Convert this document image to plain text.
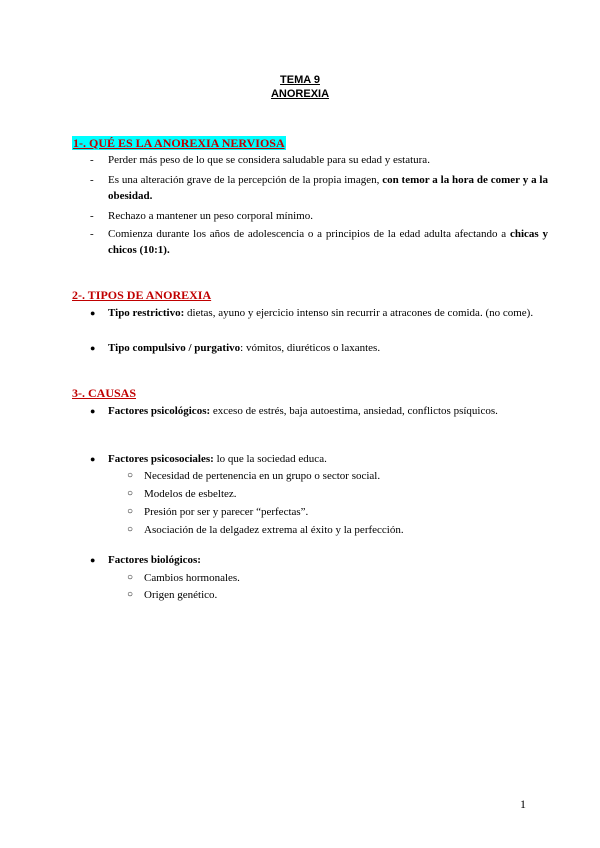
TEMA 9
ANOREXIA
1-. QUÉ ES LA ANOREXIA NERVIOSA
- Perder más peso de lo que se considera saludable para su edad y estatura.
- Es una alteración grave de la percepción de la propia imagen, con temor a la hora de comer y a la obesidad.
- Rechazo a mantener un peso corporal mínimo.
- Comienza durante los años de adolescencia o a principios de la edad adulta afectando a chicas y chicos (10:1).
2-. TIPOS DE ANOREXIA
● Tipo restrictivo: dietas, ayuno y ejercicio intenso sin recurrir a atracones de comida. (no come).
● Tipo compulsivo / purgativo: vómitos, diuréticos o laxantes.
3-. CAUSAS
● Factores psicológicos: exceso de estrés, baja autoestima, ansiedad, conflictos psíquicos.
● Factores psicosociales: lo que la sociedad educa.
○ Necesidad de pertenencia en un grupo o sector social.
○ Modelos de esbeltez.
○ Presión por ser y parecer “perfectas”.
○ Asociación de la delgadez extrema al éxito y la perfección.
● Factores biológicos:
○ Cambios hormonales.
○ Origen genético.
1
